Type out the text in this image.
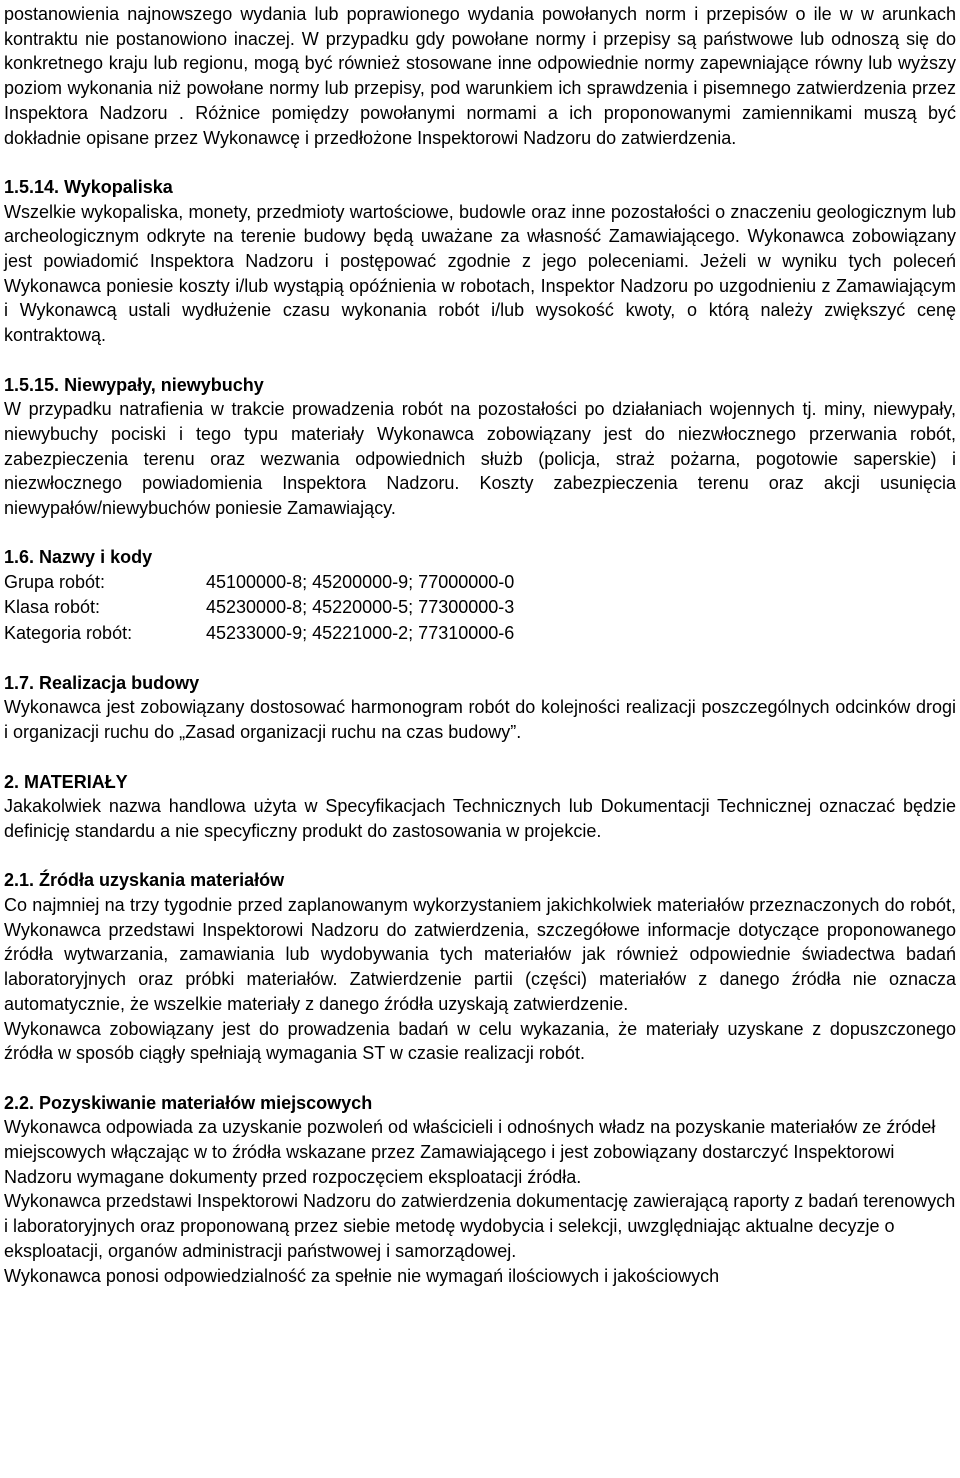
postanowienia najnowszego wydania lub poprawionego wydania powołanych norm i przepisów o ile w w arunkach kontraktu nie postanowiono inaczej. W przypadku gdy powołane normy i przepisy są państwowe lub odnoszą się do konkretnego kraju lub regionu, mogą być również stosowane inne odpowiednie normy zapewniające równy lub wyższy poziom wykonania niż powołane normy lub przepisy, pod warunkiem ich sprawdzenia i pisemnego zatwierdzenia przez Inspektora Nadzoru . Różnice pomiędzy powołanymi normami a ich proponowanymi zamiennikami muszą być dokładnie opisane przez Wykonawcę i przedłożone Inspektorowi Nadzoru do zatwierdzenia.

1.5.14. Wykopaliska

Wszelkie wykopaliska, monety, przedmioty wartościowe, budowle oraz inne pozostałości o znaczeniu geologicznym lub archeologicznym odkryte na terenie budowy będą uważane za własność Zamawiającego. Wykonawca zobowiązany jest powiadomić Inspektora Nadzoru i postępować zgodnie z jego poleceniami. Jeżeli w wyniku tych poleceń Wykonawca poniesie koszty i/lub wystąpią opóźnienia w robotach, Inspektor Nadzoru po uzgodnieniu z Zamawiającym i Wykonawcą ustali wydłużenie czasu wykonania robót i/lub wysokość kwoty, o którą należy zwiększyć cenę kontraktową.

1.5.15. Niewypały, niewybuchy

W przypadku natrafienia w trakcie prowadzenia robót na pozostałości po działaniach wojennych tj. miny, niewypały, niewybuchy pociski i tego typu materiały Wykonawca zobowiązany jest do niezwłocznego przerwania robót, zabezpieczenia terenu oraz wezwania odpowiednich służb (policja, straż pożarna, pogotowie saperskie) i niezwłocznego powiadomienia Inspektora Nadzoru. Koszty zabezpieczenia terenu oraz akcji usunięcia niewypałów/niewybuchów poniesie Zamawiający.

1.6. Nazwy i kody
Grupa robót:	45100000-8; 45200000-9; 77000000-0
Klasa robót:	45230000-8; 45220000-5; 77300000-3
Kategoria robót:	45233000-9; 45221000-2; 77310000-6
1.7. Realizacja budowy

Wykonawca jest zobowiązany dostosować harmonogram robót do kolejności realizacji poszczególnych odcinków drogi i organizacji ruchu do „Zasad organizacji ruchu na czas budowy”.

2. MATERIAŁY

Jakakolwiek nazwa handlowa użyta w Specyfikacjach Technicznych lub Dokumentacji Technicznej oznaczać będzie definicję standardu a nie specyficzny produkt do zastosowania w projekcie.

2.1. Źródła uzyskania materiałów

Co najmniej na trzy tygodnie przed zaplanowanym wykorzystaniem jakichkolwiek materiałów przeznaczonych do robót, Wykonawca przedstawi Inspektorowi Nadzoru do zatwierdzenia, szczegółowe informacje dotyczące proponowanego źródła wytwarzania, zamawiania lub wydobywania tych materiałów jak również odpowiednie świadectwa badań laboratoryjnych oraz próbki materiałów. Zatwierdzenie partii (części) materiałów z danego źródła nie oznacza automatycznie, że wszelkie materiały z danego źródła uzyskają zatwierdzenie.

Wykonawca zobowiązany jest do prowadzenia badań w celu wykazania, że materiały uzyskane z dopuszczonego źródła w sposób ciągły spełniają wymagania ST w czasie realizacji robót.

2.2. Pozyskiwanie materiałów miejscowych

Wykonawca odpowiada za uzyskanie pozwoleń od właścicieli i odnośnych władz na pozyskanie materiałów ze źródeł miejscowych włączając w to źródła wskazane przez Zamawiającego i jest zobowiązany dostarczyć Inspektorowi Nadzoru wymagane dokumenty przed rozpoczęciem eksploatacji źródła.

Wykonawca przedstawi Inspektorowi Nadzoru do zatwierdzenia dokumentację zawierającą raporty z badań terenowych i laboratoryjnych oraz proponowaną przez siebie metodę wydobycia i selekcji, uwzględniając aktualne decyzje o eksploatacji, organów administracji państwowej i samorządowej.

Wykonawca ponosi odpowiedzialność za spełnie nie wymagań ilościowych i jakościowych
